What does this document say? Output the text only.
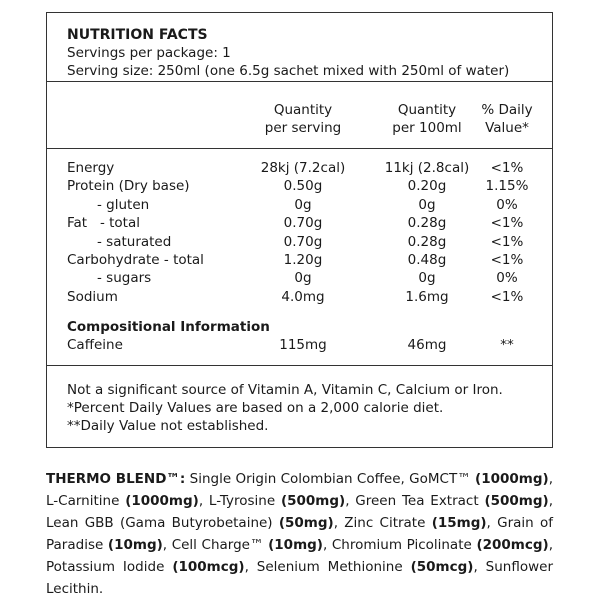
NUTRITION FACTS
Servings per package: 1
Serving size: 250ml (one 6.5g sachet mixed with 250ml of water)
Quantity
per serving
Quantity
per 100ml
% Daily
Value*
Energy	28kj (7.2cal)	11kj (2.8cal)	<1%
Protein (Dry base)	0.50g	0.20g	1.15%
- gluten	0g	0g	0%
Fat   - total	0.70g	0.28g	<1%
- saturated	0.70g	0.28g	<1%
Carbohydrate - total	1.20g	0.48g	<1%
- sugars	0g	0g	0%
Sodium	4.0mg	1.6mg	<1%
Compositional Information
Caffeine	115mg	46mg	**
Not a significant source of Vitamin A, Vitamin C, Calcium or Iron.
*Percent Daily Values are based on a 2,000 calorie diet.
**Daily Value not established.
THERMO BLEND™: Single Origin Colombian Coffee, GoMCT™ (1000mg), L-Carnitine (1000mg), L-Tyrosine (500mg), Green Tea Extract (500mg), Lean GBB (Gama Butyrobetaine) (50mg), Zinc Citrate (15mg), Grain of Paradise (10mg), Cell Charge™ (10mg), Chromium Picolinate (200mcg), Potassium Iodide (100mcg), Selenium Methionine (50mcg), Sunflower Lecithin.
